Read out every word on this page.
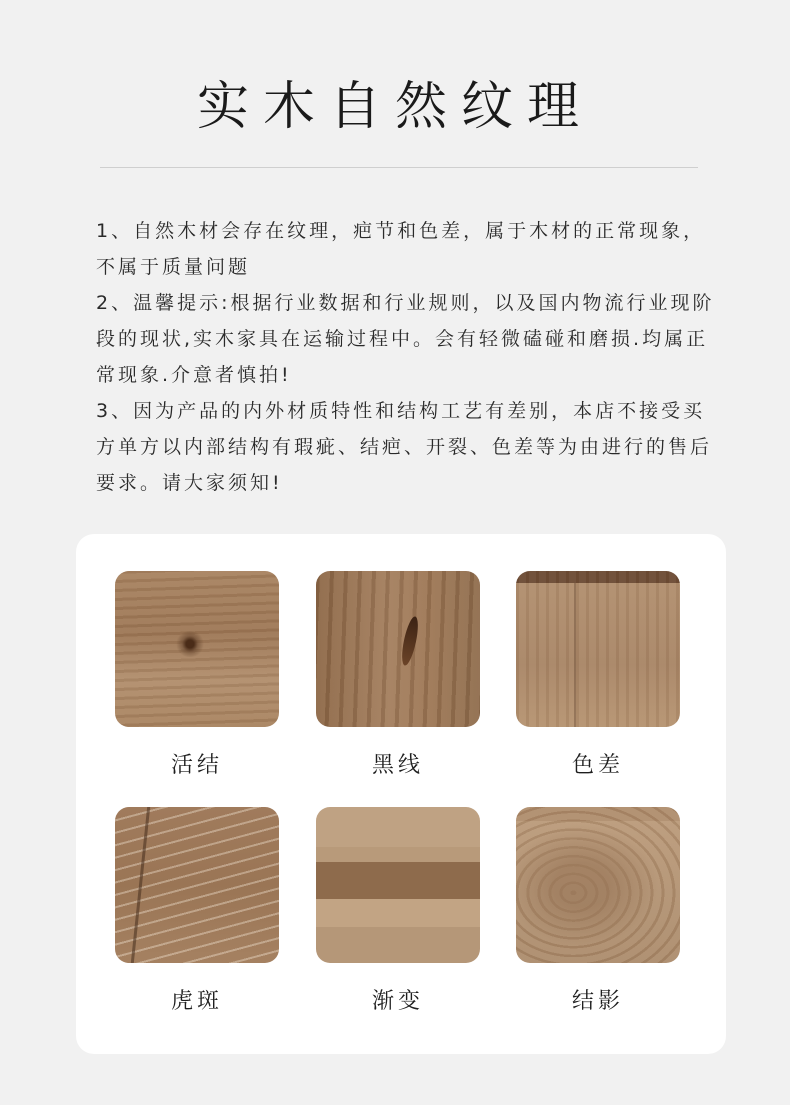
实木自然纹理

1、自然木材会存在纹理，疤节和色差，属于木材的正常现象，不属于质量问题

2、温馨提示:根据行业数据和行业规则，以及国内物流行业现阶段的现状,实木家具在运输过程中。会有轻微磕碰和磨损.均属正常现象.介意者慎拍!

3、因为产品的内外材质特性和结构工艺有差别，本店不接受买方单方以内部结构有瑕疵、结疤、开裂、色差等为由进行的售后要求。请大家须知!

活结	黑线	色差
虎斑	渐变	结影
